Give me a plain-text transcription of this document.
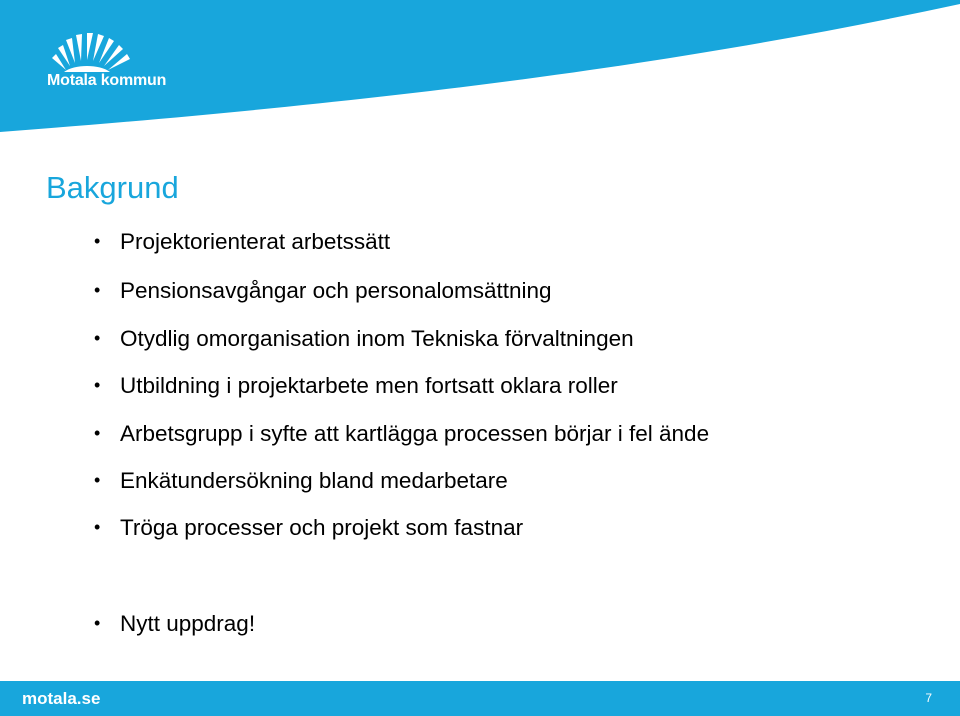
Motala kommun
Bakgrund
• Projektorienterat arbetssätt
• Pensionsavgångar och personalomsättning
• Otydlig omorganisation inom Tekniska förvaltningen
• Utbildning i projektarbete men fortsatt oklara roller
• Arbetsgrupp i syfte att kartlägga processen börjar i fel ände
• Enkätundersökning bland medarbetare
• Tröga processer och projekt som fastnar
• Nytt uppdrag!
motala.se	7
